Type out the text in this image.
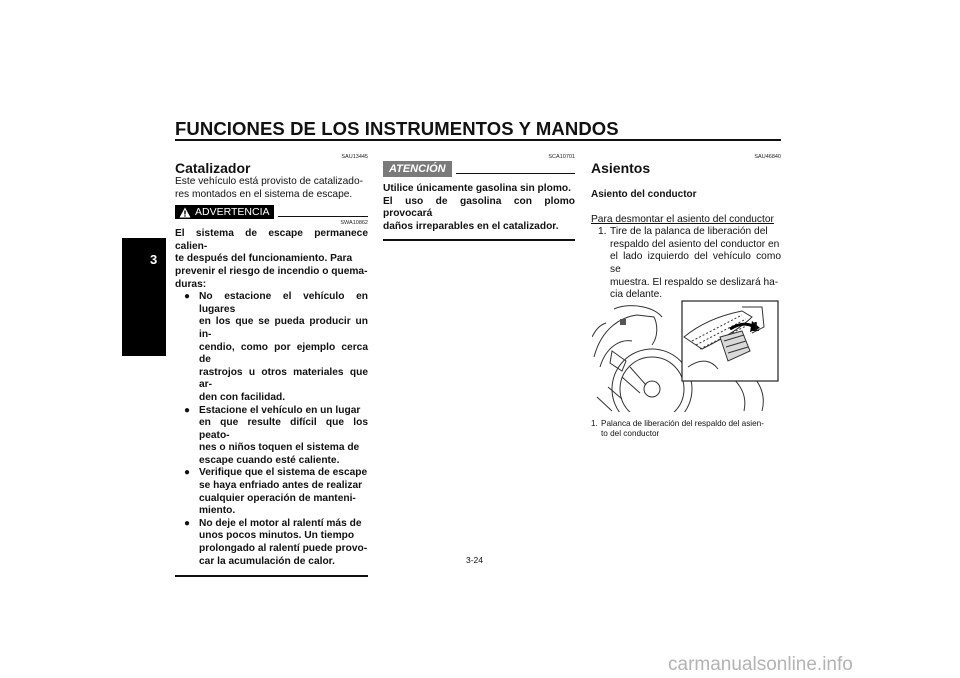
FUNCIONES DE LOS INSTRUMENTOS Y MANDOS
3
SAU13445
Catalizador
Este vehículo está provisto de catalizado-
res montados en el sistema de escape.
ADVERTENCIA
SWA10862
El sistema de escape permanece calien-
te después del funcionamiento. Para
prevenir el riesgo de incendio o quema-
duras:
● No estacione el vehículo en lugares
en los que se pueda producir un in-
cendio, como por ejemplo cerca de
rastrojos u otros materiales que ar-
den con facilidad.
● Estacione el vehículo en un lugar
en que resulte difícil que los peato-
nes o niños toquen el sistema de
escape cuando esté caliente.
● Verifique que el sistema de escape
se haya enfriado antes de realizar
cualquier operación de manteni-
miento.
● No deje el motor al ralentí más de
unos pocos minutos. Un tiempo
prolongado al ralentí puede provo-
car la acumulación de calor.
SCA10701
ATENCIÓN
Utilice únicamente gasolina sin plomo.
El uso de gasolina con plomo provocará
daños irreparables en el catalizador.
SAU46840
Asientos
Asiento del conductor
Para desmontar el asiento del conductor
1. Tire de la palanca de liberación del
respaldo del asiento del conductor en
el lado izquierdo del vehículo como se
muestra. El respaldo se deslizará ha-
cia delante.
1
1. Palanca de liberación del respaldo del asien-
to del conductor
3-24
carmanualsonline.info
